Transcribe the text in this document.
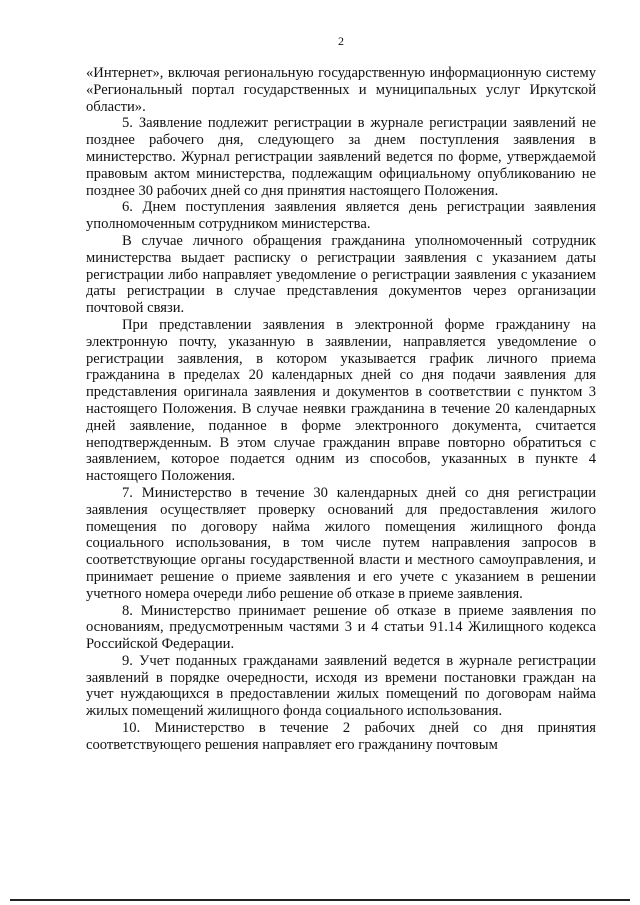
2

«Интернет», включая региональную государственную информационную систему «Региональный портал государственных и муниципальных услуг Иркутской области».

5. Заявление подлежит регистрации в журнале регистрации заявлений не позднее рабочего дня, следующего за днем поступления заявления в министерство. Журнал регистрации заявлений ведется по форме, утверждаемой правовым актом министерства, подлежащим официальному опубликованию не позднее 30 рабочих дней со дня принятия настоящего Положения.

6. Днем поступления заявления является день регистрации заявления уполномоченным сотрудником министерства.

В случае личного обращения гражданина уполномоченный сотрудник министерства выдает расписку о регистрации заявления с указанием даты регистрации либо направляет уведомление о регистрации заявления с указанием даты регистрации в случае представления документов через организации почтовой связи.

При представлении заявления в электронной форме гражданину на электронную почту, указанную в заявлении, направляется уведомление о регистрации заявления, в котором указывается график личного приема гражданина в пределах 20 календарных дней со дня подачи заявления для представления оригинала заявления и документов в соответствии с пунктом 3 настоящего Положения. В случае неявки гражданина в течение 20 календарных дней заявление, поданное в форме электронного документа, считается неподтвержденным. В этом случае гражданин вправе повторно обратиться с заявлением, которое подается одним из способов, указанных в пункте 4 настоящего Положения.

7. Министерство в течение 30 календарных дней со дня регистрации заявления осуществляет проверку оснований для предоставления жилого помещения по договору найма жилого помещения жилищного фонда социального использования, в том числе путем направления запросов в соответствующие органы государственной власти и местного самоуправления, и принимает решение о приеме заявления и его учете с указанием в решении учетного номера очереди либо решение об отказе в приеме заявления.

8. Министерство принимает решение об отказе в приеме заявления по основаниям, предусмотренным частями 3 и 4 статьи 91.14 Жилищного кодекса Российской Федерации.

9. Учет поданных гражданами заявлений ведется в журнале регистрации заявлений в порядке очередности, исходя из времени постановки граждан на учет нуждающихся в предоставлении жилых помещений по договорам найма жилых помещений жилищного фонда социального использования.

10. Министерство в течение 2 рабочих дней со дня принятия соответствующего решения направляет его гражданину почтовым
